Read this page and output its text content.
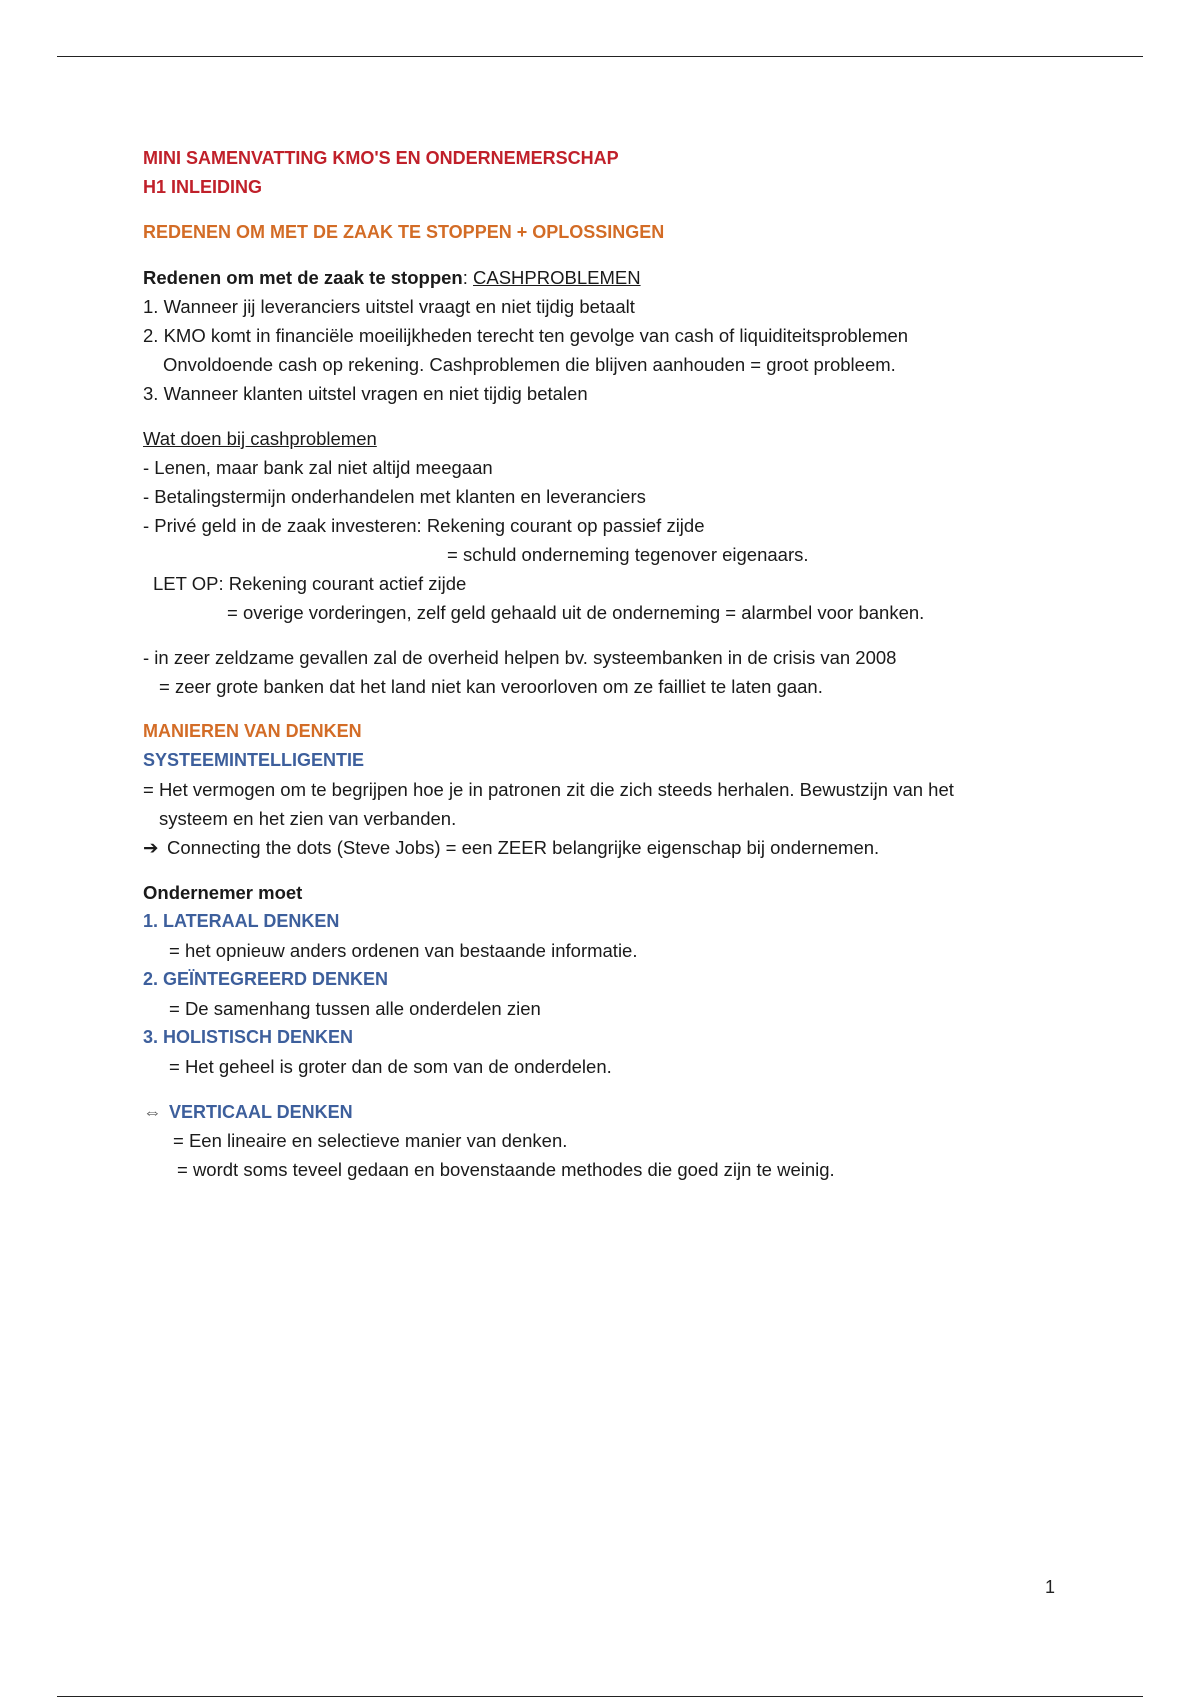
MINI SAMENVATTING KMO'S EN ONDERNEMERSCHAP
H1 INLEIDING
REDENEN OM MET DE ZAAK TE STOPPEN + OPLOSSINGEN
Redenen om met de zaak te stoppen: CASHPROBLEMEN
1. Wanneer jij leveranciers uitstel vraagt en niet tijdig betaalt
2. KMO komt in financiële moeilijkheden terecht ten gevolge van cash of liquiditeitsproblemen
Onvoldoende cash op rekening. Cashproblemen die blijven aanhouden = groot probleem.
3. Wanneer klanten uitstel vragen en niet tijdig betalen
Wat doen bij cashproblemen
- Lenen, maar bank zal niet altijd meegaan
- Betalingstermijn onderhandelen met klanten en leveranciers
- Privé geld in de zaak investeren: Rekening courant op passief zijde
= schuld onderneming tegenover eigenaars.
LET OP: Rekening courant actief zijde
= overige vorderingen, zelf geld gehaald uit de onderneming = alarmbel voor banken.
- in zeer zeldzame gevallen zal de overheid helpen bv. systeembanken in de crisis van 2008
= zeer grote banken dat het land niet kan veroorloven om ze failliet te laten gaan.
MANIEREN VAN DENKEN
SYSTEEMINTELLIGENTIE
= Het vermogen om te begrijpen hoe je in patronen zit die zich steeds herhalen. Bewustzijn van het
systeem en het zien van verbanden.
➔ Connecting the dots (Steve Jobs) = een ZEER belangrijke eigenschap bij ondernemen.
Ondernemer moet
1. LATERAAL DENKEN
= het opnieuw anders ordenen van bestaande informatie.
2. GEÏNTEGREERD DENKEN
= De samenhang tussen alle onderdelen zien
3. HOLISTISCH DENKEN
= Het geheel is groter dan de som van de onderdelen.
⇔ VERTICAAL DENKEN
= Een lineaire en selectieve manier van denken.
= wordt soms teveel gedaan en bovenstaande methodes die goed zijn te weinig.
1
